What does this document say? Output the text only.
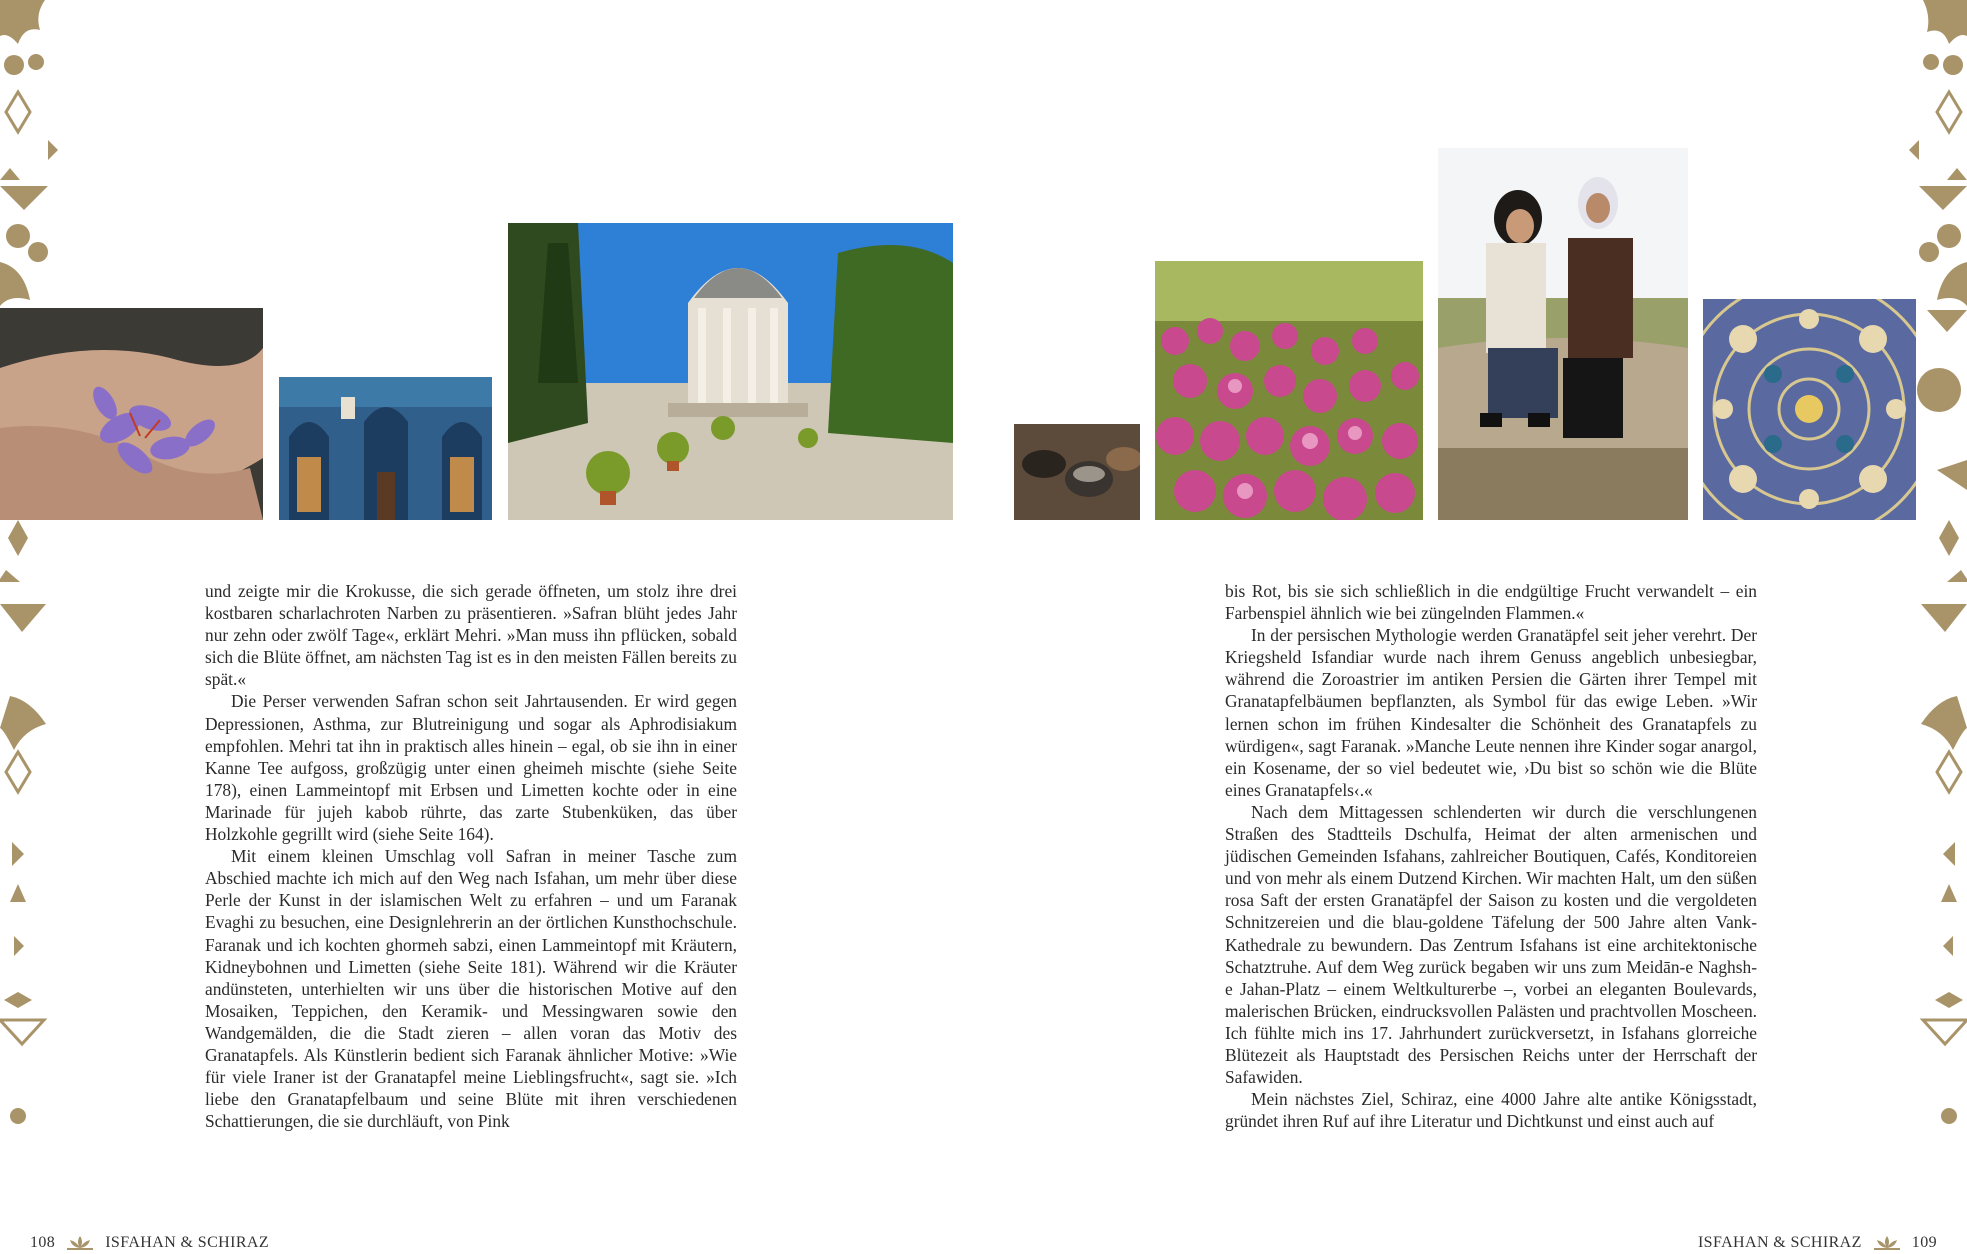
und zeigte mir die Krokusse, die sich gerade öffneten, um stolz ihre drei kostbaren scharlachroten Narben zu präsentieren. »Safran blüht jedes Jahr nur zehn oder zwölf Tage«, erklärt Mehri. »Man muss ihn pflücken, sobald sich die Blüte öffnet, am nächsten Tag ist es in den meisten Fällen bereits zu spät.«

Die Perser verwenden Safran schon seit Jahrtausenden. Er wird gegen Depressionen, Asthma, zur Blutreinigung und sogar als Aphrodisiakum empfohlen. Mehri tat ihn in praktisch alles hinein – egal, ob sie ihn in einer Kanne Tee aufgoss, großzügig unter einen gheimeh mischte (siehe Seite 178), einen Lammeintopf mit Erbsen und Limetten kochte oder in eine Marinade für jujeh kabob rührte, das zarte Stubenküken, das über Holzkohle gegrillt wird (siehe Seite 164).

Mit einem kleinen Umschlag voll Safran in meiner Tasche zum Abschied machte ich mich auf den Weg nach Isfahan, um mehr über diese Perle der Kunst in der islamischen Welt zu erfahren – und um Faranak Evaghi zu besuchen, eine Designlehrerin an der örtlichen Kunsthochschule. Faranak und ich kochten ghormeh sabzi, einen Lammeintopf mit Kräutern, Kidneybohnen und Limetten (siehe Seite 181). Während wir die Kräuter andünsteten, unterhielten wir uns über die historischen Motive auf den Mosaiken, Teppichen, den Keramik- und Messingwaren sowie den Wandgemälden, die die Stadt zieren – allen voran das Motiv des Granatapfels. Als Künstlerin bedient sich Faranak ähnlicher Motive: »Wie für viele Iraner ist der Granatapfel meine Lieblingsfrucht«, sagt sie. »Ich liebe den Granatapfelbaum und seine Blüte mit ihren verschiedenen Schattierungen, die sie durchläuft, von Pink

bis Rot, bis sie sich schließlich in die endgültige Frucht verwandelt – ein Farbenspiel ähnlich wie bei züngelnden Flammen.«

In der persischen Mythologie werden Granatäpfel seit jeher verehrt. Der Kriegsheld Isfandiar wurde nach ihrem Genuss angeblich unbesiegbar, während die Zoroastrier im antiken Persien die Gärten ihrer Tempel mit Granatapfelbäumen bepflanzten, als Symbol für das ewige Leben. »Wir lernen schon im frühen Kindesalter die Schönheit des Granatapfels zu würdigen«, sagt Faranak. »Manche Leute nennen ihre Kinder sogar anargol, ein Kosename, der so viel bedeutet wie, ›Du bist so schön wie die Blüte eines Granatapfels‹.«

Nach dem Mittagessen schlenderten wir durch die verschlungenen Straßen des Stadtteils Dschulfa, Heimat der alten armenischen und jüdischen Gemeinden Isfahans, zahlreicher Boutiquen, Cafés, Konditoreien und von mehr als einem Dutzend Kirchen. Wir machten Halt, um den süßen rosa Saft der ersten Granatäpfel der Saison zu kosten und die vergoldeten Schnitzereien und die blau-goldene Täfelung der 500 Jahre alten Vank-Kathedrale zu bewundern. Das Zentrum Isfahans ist eine architektonische Schatztruhe. Auf dem Weg zurück begaben wir uns zum Meidān-e Naghsh-e Jahan-Platz – einem Weltkulturerbe –, vorbei an eleganten Boulevards, malerischen Brücken, eindrucksvollen Palästen und prachtvollen Moscheen. Ich fühlte mich ins 17. Jahrhundert zurückversetzt, in Isfahans glorreiche Blütezeit als Hauptstadt des Persischen Reichs unter der Herrschaft der Safawiden.

Mein nächstes Ziel, Schiraz, eine 4000 Jahre alte antike Königsstadt, gründet ihren Ruf auf ihre Literatur und Dichtkunst und einst auch auf

108	ISFAHAN & SCHIRAZ	ISFAHAN & SCHIRAZ	109
